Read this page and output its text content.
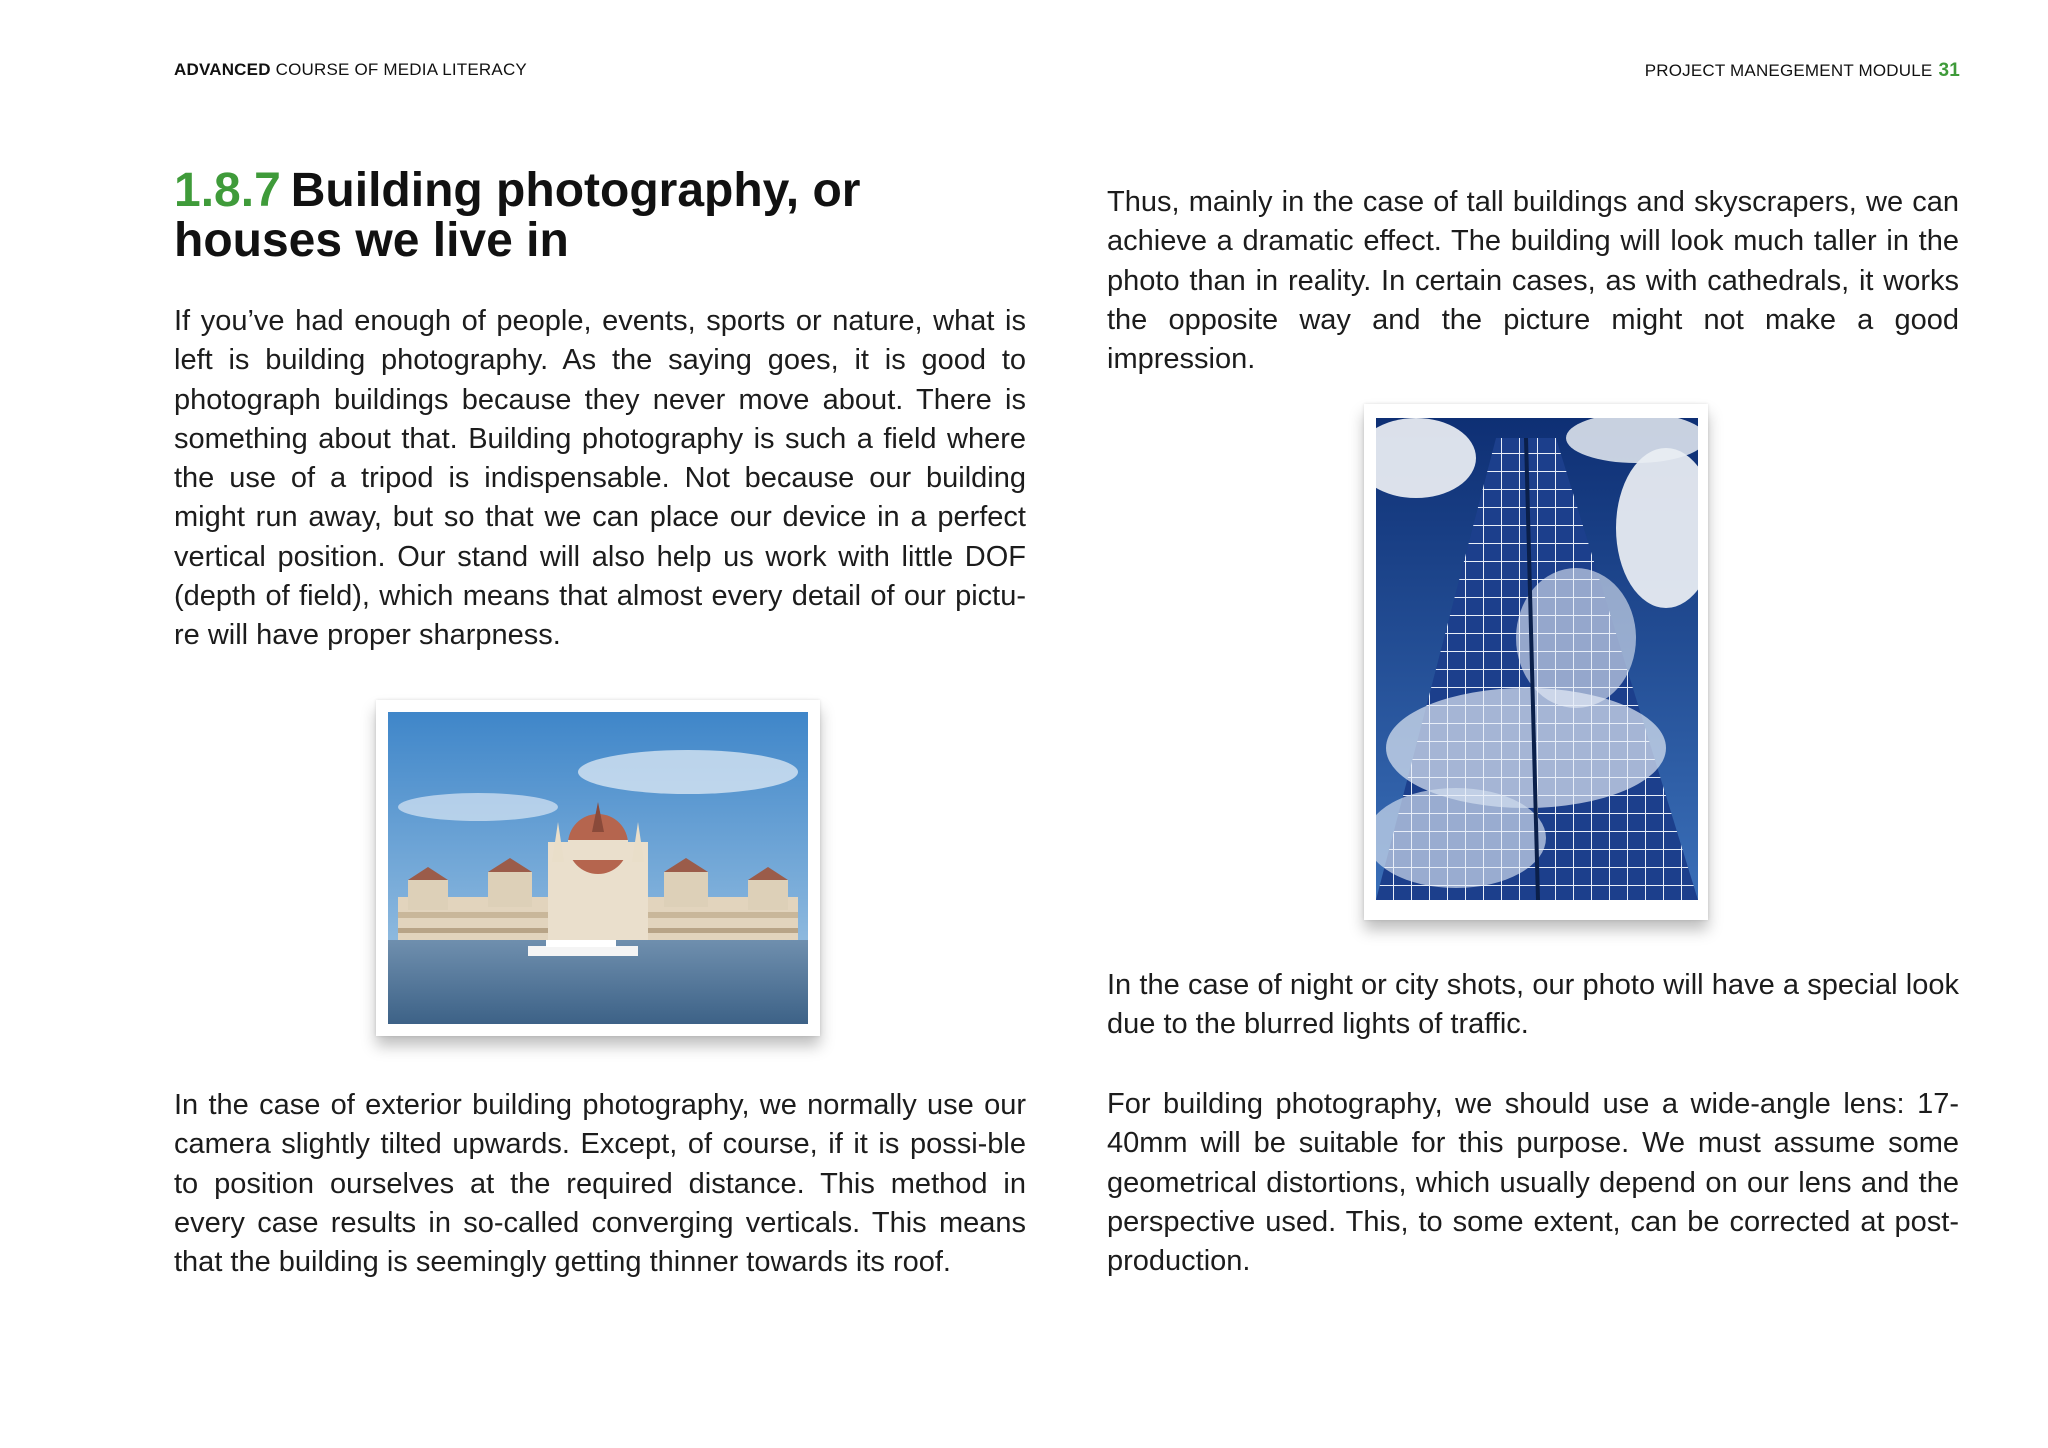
ADVANCED COURSE OF MEDIA LITERACY	PROJECT MANEGEMENT MODULE 31
1.8.7 Building photography, or houses we live in

If you’ve had enough of people, events, sports or nature, what is left is building photography. As the saying goes, it is good to photograph buildings because they never move about. There is something about that. Building photography is such a field where the use of a tripod is indispensable. Not because our building might run away, but so that we can place our device in a perfect vertical position. Our stand will also help us work with little DOF (depth of field), which means that almost every detail of our pictu-re will have proper sharpness.

In the case of exterior building photography, we normally use our camera slightly tilted upwards. Except, of course, if it is possi-ble to position ourselves at the required distance. This method in every case results in so-called converging verticals. This means that the building is seemingly getting thinner towards its roof.

Thus, mainly in the case of tall buildings and skyscrapers, we can achieve a dramatic effect. The building will look much taller in the photo than in reality. In certain cases, as with cathedrals, it works the opposite way and the picture might not make a good impression.

In the case of night or city shots, our photo will have a special look due to the blurred lights of traffic.

For building photography, we should use a wide-angle lens: 17-40mm will be suitable for this purpose. We must assume some geometrical distortions, which usually depend on our lens and the perspective used. This, to some extent, can be corrected at post-production.
